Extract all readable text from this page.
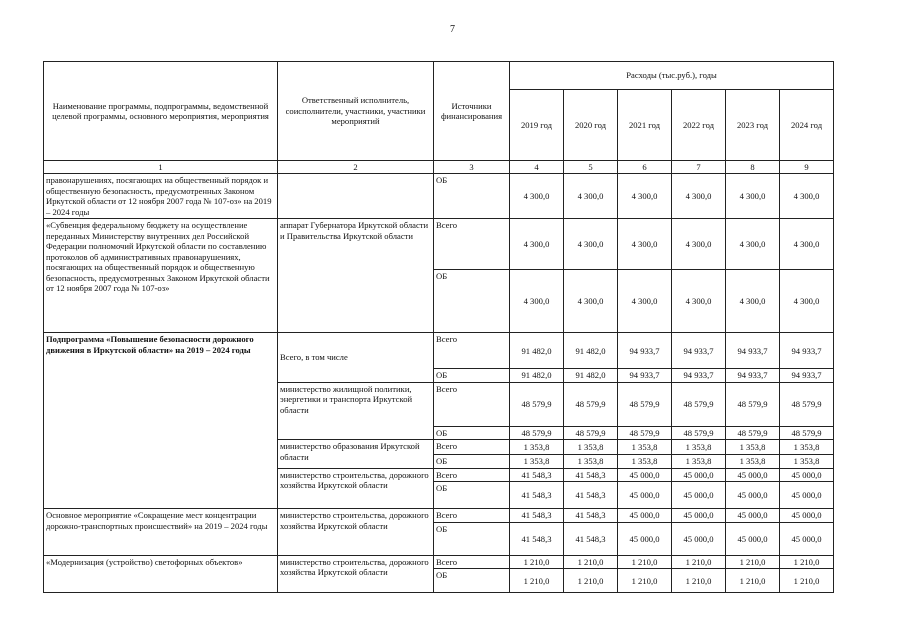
7
Наименование программы, подпрограммы, ведомственной целевой программы, основного мероприятия, мероприятия	Ответственный исполнитель, соисполнители, участники, участники мероприятий	Источники финансирования	Расходы (тыс.руб.), годы					
			2019 год	2020 год	2021 год	2022 год	2023 год	2024 год
1	2	3	4	5	6	7	8	9
правонарушениях, посягающих на общественный порядок и общественную безопасность, предусмотренных Законом Иркутской области от 12 ноября 2007 года № 107-оз» на 2019 – 2024 годы		ОБ	4 300,0	4 300,0	4 300,0	4 300,0	4 300,0	4 300,0
«Субвенция федеральному бюджету на осуществление переданных Министерству внутренних дел Российской Федерации полномочий Иркутской области по составлению протоколов об административных правонарушениях, посягающих на общественный порядок и общественную безопасность, предусмотренных Законом Иркутской области от 12 ноября 2007 года № 107-оз»	аппарат Губернатора Иркутской области и Правительства Иркутской области	Всего	4 300,0	4 300,0	4 300,0	4 300,0	4 300,0	4 300,0
		ОБ	4 300,0	4 300,0	4 300,0	4 300,0	4 300,0	4 300,0
Подпрограмма «Повышение безопасности дорожного движения в Иркутской области» на 2019 – 2024 годы	Всего, в том числе	Всего	91 482,0	91 482,0	94 933,7	94 933,7	94 933,7	94 933,7
		ОБ	91 482,0	91 482,0	94 933,7	94 933,7	94 933,7	94 933,7
	министерство жилищной политики, энергетики и транспорта Иркутской области	Всего	48 579,9	48 579,9	48 579,9	48 579,9	48 579,9	48 579,9
		ОБ	48 579,9	48 579,9	48 579,9	48 579,9	48 579,9	48 579,9
	министерство образования Иркутской области	Всего	1 353,8	1 353,8	1 353,8	1 353,8	1 353,8	1 353,8
		ОБ	1 353,8	1 353,8	1 353,8	1 353,8	1 353,8	1 353,8
	министерство строительства, дорожного хозяйства Иркутской области	Всего	41 548,3	41 548,3	45 000,0	45 000,0	45 000,0	45 000,0
		ОБ	41 548,3	41 548,3	45 000,0	45 000,0	45 000,0	45 000,0
Основное мероприятие «Сокращение мест концентрации дорожно-транспортных происшествий» на 2019 – 2024 годы	министерство строительства, дорожного хозяйства Иркутской области	Всего	41 548,3	41 548,3	45 000,0	45 000,0	45 000,0	45 000,0
		ОБ	41 548,3	41 548,3	45 000,0	45 000,0	45 000,0	45 000,0
«Модернизация (устройство) светофорных объектов»	министерство строительства, дорожного хозяйства Иркутской области	Всего	1 210,0	1 210,0	1 210,0	1 210,0	1 210,0	1 210,0
		ОБ	1 210,0	1 210,0	1 210,0	1 210,0	1 210,0	1 210,0
